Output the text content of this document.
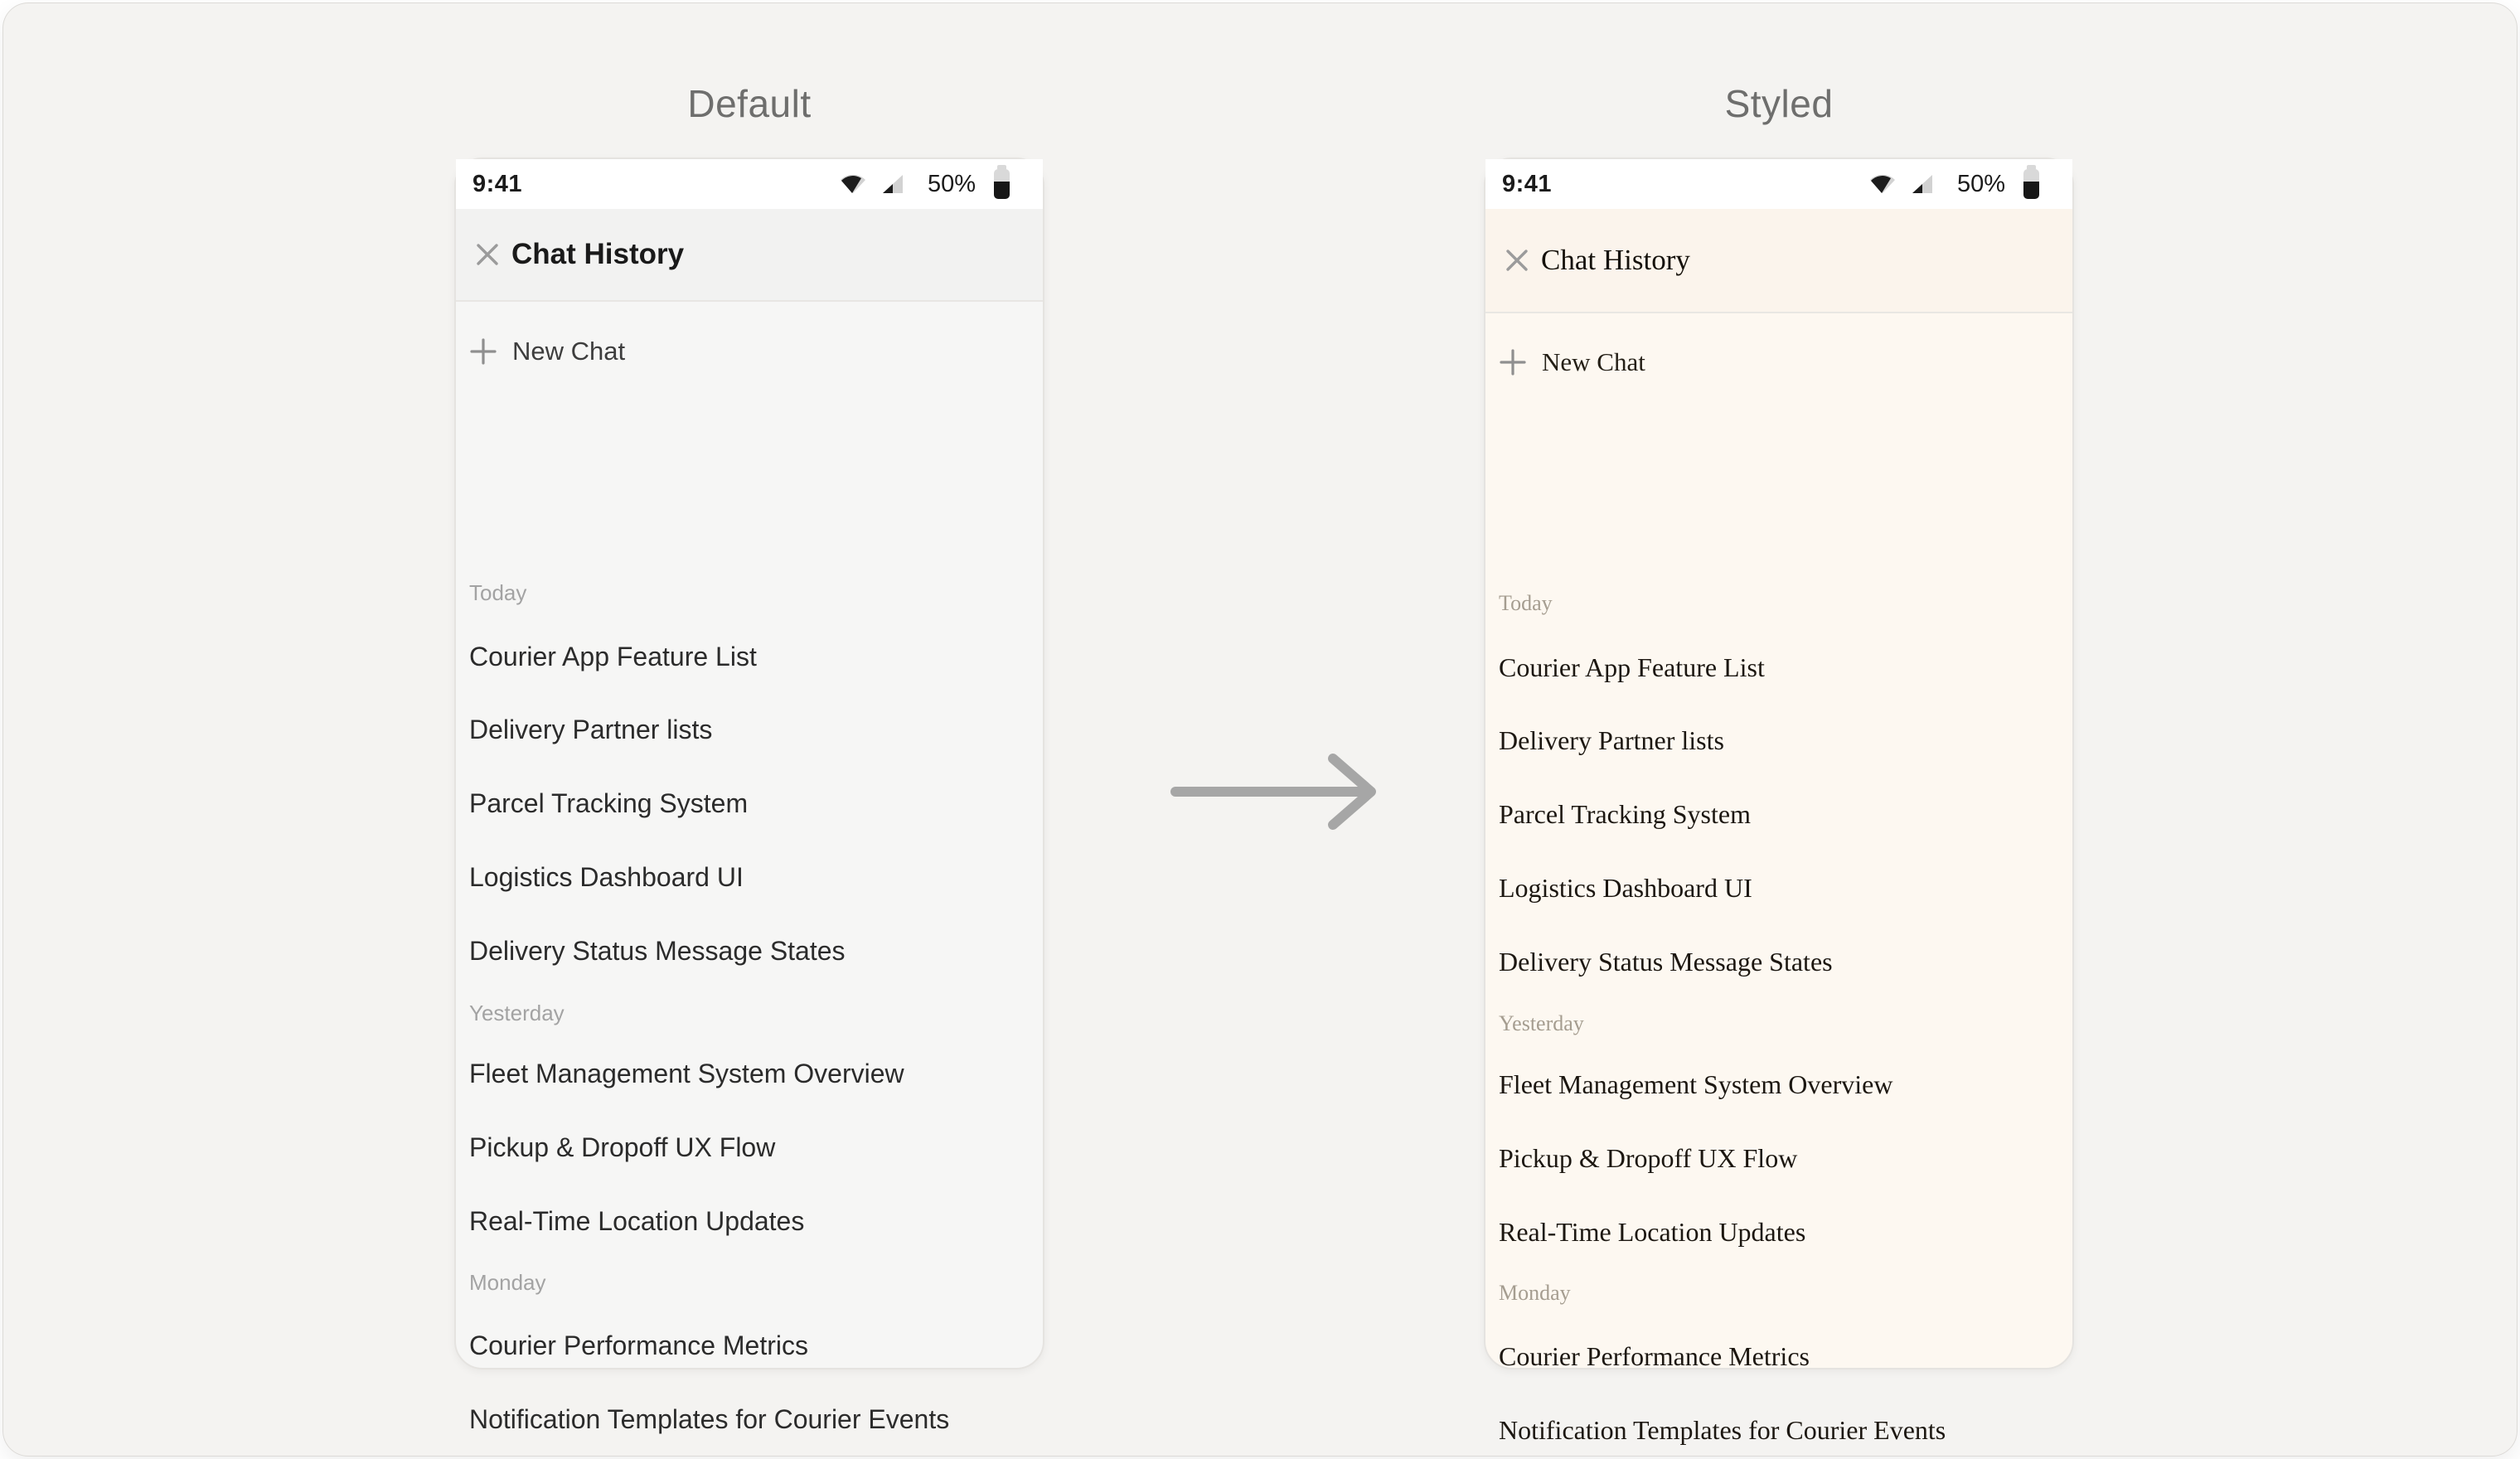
Default	Styled
9:41	50%
Chat History
New Chat
Today
Courier App Feature List
Delivery Partner lists
Parcel Tracking System
Logistics Dashboard UI
Delivery Status Message States
Yesterday
Fleet Management System Overview
Pickup & Dropoff UX Flow
Real-Time Location Updates
Monday
Courier Performance Metrics
Notification Templates for Courier Events
9:41	50%
Chat History
New Chat
Today
Courier App Feature List
Delivery Partner lists
Parcel Tracking System
Logistics Dashboard UI
Delivery Status Message States
Yesterday
Fleet Management System Overview
Pickup & Dropoff UX Flow
Real-Time Location Updates
Monday
Courier Performance Metrics
Notification Templates for Courier Events
